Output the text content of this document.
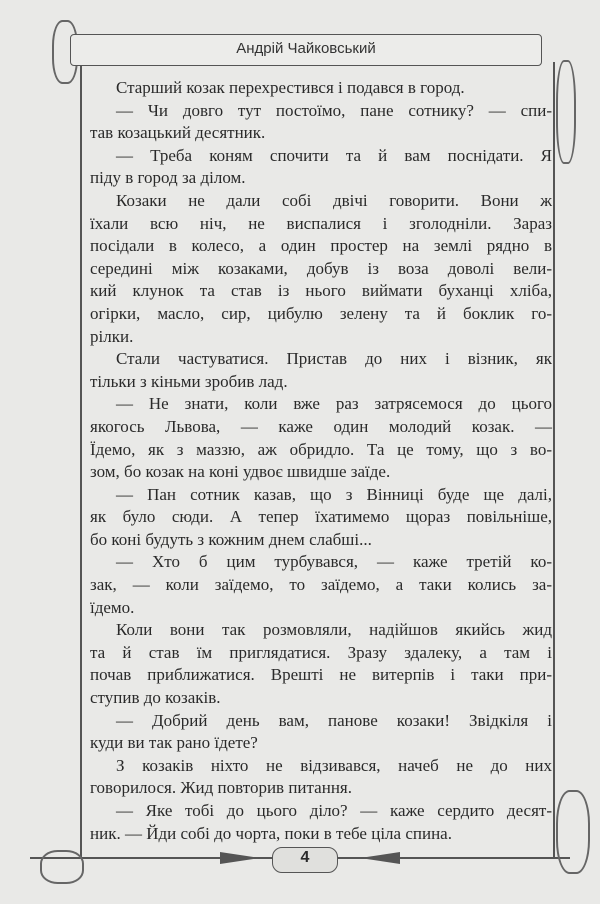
Андрій Чайковський
Старший козак перехрестився і подався в город.
— Чи довго тут постоїмо, пане сотнику? — спи-
тав козацький десятник.
— Треба коням спочити та й вам поснідати. Я
піду в город за ділом.
Козаки не дали собі двічі говорити. Вони ж
їхали всю ніч, не виспалися і зголодніли. Зараз
посідали в колесо, а один простер на землі рядно в
середині між козаками, добув із воза доволі вели-
кий клунок та став із нього виймати буханці хліба,
огірки, масло, сир, цибулю зелену та й боклик го-
рілки.
Стали частуватися. Пристав до них і візник, як
тільки з кіньми зробив лад.
— Не знати, коли вже раз затрясемося до цього
якогось Львова, — каже один молодий козак. —
Їдемо, як з маззю, аж обридло. Та це тому, що з во-
зом, бо козак на коні удвоє швидше заїде.
— Пан сотник казав, що з Вінниці буде ще далі,
як було сюди. А тепер їхатимемо щораз повільніше,
бо коні будуть з кожним днем слабші...
— Хто б цим турбувався, — каже третій ко-
зак, — коли заїдемо, то заїдемо, а таки колись за-
їдемо.
Коли вони так розмовляли, надійшов якийсь жид
та й став їм приглядатися. Зразу здалеку, а там і
почав приближатися. Врешті не витерпів і таки при-
ступив до козаків.
— Добрий день вам, панове козаки! Звідкіля і
куди ви так рано їдете?
З козаків ніхто не відзивався, начеб не до них
говорилося. Жид повторив питання.
— Яке тобі до цього діло? — каже сердито десят-
ник. — Йди собі до чорта, поки в тебе ціла спина.
4
